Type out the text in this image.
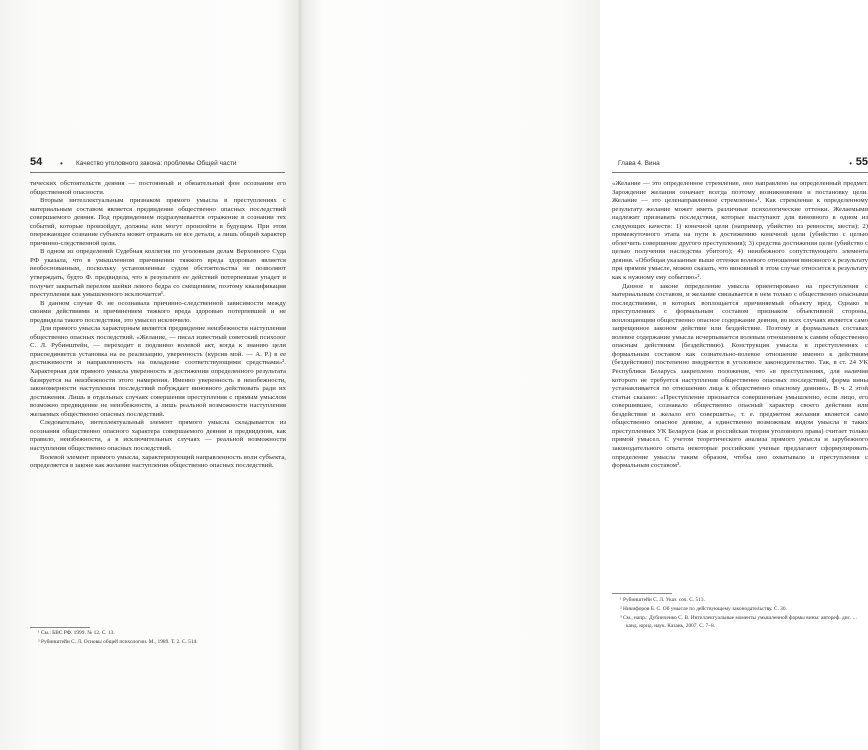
54 • Качество уголовного закона: проблемы Общей части

тических обстоятельств деяния — постоянный и обязательный фон осознания его общественной опасности.

Вторым интеллектуальным признаком прямого умысла в преступлениях с материальным составом является предвидение общественно опасных последствий совершаемого деяния. Под предвидением подразумевается отражение в сознании тех событий, которые произойдут, должны или могут произойти в будущем. При этом опережающее сознание субъекта может отражать не все детали, а лишь общий характер причинно-следственной цели.

В одном из определений Судебная коллегия по уголовным делам Верховного Суда РФ указала, что в умышленном причинении тяжкого вреда здоровью является необоснованным, поскольку установленные судом обстоятельства не позволяют утверждать, будто Ф. предвидела, что в результате ее действий потерпевшая упадет и получит закрытый перелом шейки левого бедра со смещением, поэтому квалификация преступления как умышленного исключается¹.

В данном случае Ф. не осознавала причинно-следственной зависимости между своими действиями и причинением тяжкого вреда здоровью потерпевшей и не предвидела такого последствия, это умысел исключило.

Для прямого умысла характерным является предвидение неизбежности наступления общественно опасных последствий. «Желание, — писал известный советский психолог С. Л. Рубинштейн, — переходит в подлинно волевой акт, когда к знанию цели присоединяется установка на ее реализацию, уверенность (курсив мой. — А. Р.) в ее достижимости и направленность на овладение соответствующими средствами»². Характерная для прямого умысла уверенность в достижении определенного результата базируется на неизбежности этого намерения. Именно уверенность в неизбежности, закономерности наступления последствий побуждает виновного действовать ради их достижения. Лишь в отдельных случаях совершения преступления с прямым умыслом возможно предвидение не неизбежности, а лишь реальной возможности наступления желаемых общественно опасных последствий.

Следовательно, интеллектуальный элемент прямого умысла складывается из осознания общественно опасного характера совершаемого деяния и предвидения, как правило, неизбежности, а в исключительных случаях — реальной возможности наступления общественно опасных последствий.

Волевой элемент прямого умысла, характеризующий направленность воли субъекта, определяется в законе как желание наступления общественно опасных последствий.

¹ См.: БВС РФ. 1999. № 12. С. 13.

² Рубинштейн С. Л. Основы общей психологии. М., 1989. Т. 2. С. 514.

Глава 4. Вина	• 55

«Желание — это определенное стремление, оно направлено на определенный предмет. Зарождение желания означает всегда поэтому возникновение и постановку цели. Желание — это целенаправленное стремление»¹. Как стремление к определенному результату желание может иметь различные психологические оттенки. Желаемыми надлежит признавать последствия, которые выступают для виновного в одном из следующих качеств: 1) конечной цели (например, убийство из ревности, мести); 2) промежуточного этапа на пути к достижению конечной цели (убийство с целью облегчить совершение другого преступления); 3) средства достижения цели (убийство с целью получения наследства убитого); 4) неизбежного сопутствующего элемента деяния. «Обобщая указанные выше оттенки волевого отношения виновного к результату при прямом умысле, можно сказать, что виновный в этом случае относится к результату как к нужному ему событию»².

Данное в законе определение умысла ориентировано на преступления с материальным составом, и желание связывается в нем только с общественно опасными последствиями, в которых воплощается причиняемый объекту вред. Однако в преступлениях с формальным составом признаком объективной стороны, воплощающим общественно опасное содержание деяния, во всех случаях является само запрещенное законом действие или бездействие. Поэтому в формальных составах волевое содержание умысла исчерпывается волевым отношением к самим общественно опасным действиям (бездействию). Конструкция умысла в преступлениях с формальным составом как сознательно-волевое отношение именно к действиям (бездействию) постепенно внедряется в уголовное законодательство. Так, в ст. 24 УК Республики Беларусь закреплено положение, что «в преступлениях, для наличия которого не требуется наступления общественно опасных последствий, форма вины устанавливается по отношению лица к общественно опасному деянию». В ч. 2 этой статьи сказано: «Преступление признается совершенным умышленно, если лицо, его совершившее, сознавало общественно опасный характер своего действия или бездействия и желало его совершить», т. е. предметом желания является само общественно опасное деяние, а единственно возможным видом умысла в таких преступлениях УК Беларуси (как и российская теория уголовного права) считает только прямой умысел. С учетом теоретического анализа прямого умысла и зарубежного законодательного опыта некоторые российские ученые предлагают сформулировать определение умысла таким образом, чтобы оно охватывало и преступления с формальным составом³.

¹ Рубинштейн С. Л. Указ. соч. С. 513.

² Никифоров Б. С. Об умысле по действующему законодательству. С. 30.

³ См., напр.: Дубинченко С. В. Интеллектуальные моменты умышленной формы вины: автореф. дис. ... канд. юрид. наук. Казань, 2007. С. 7–8.
